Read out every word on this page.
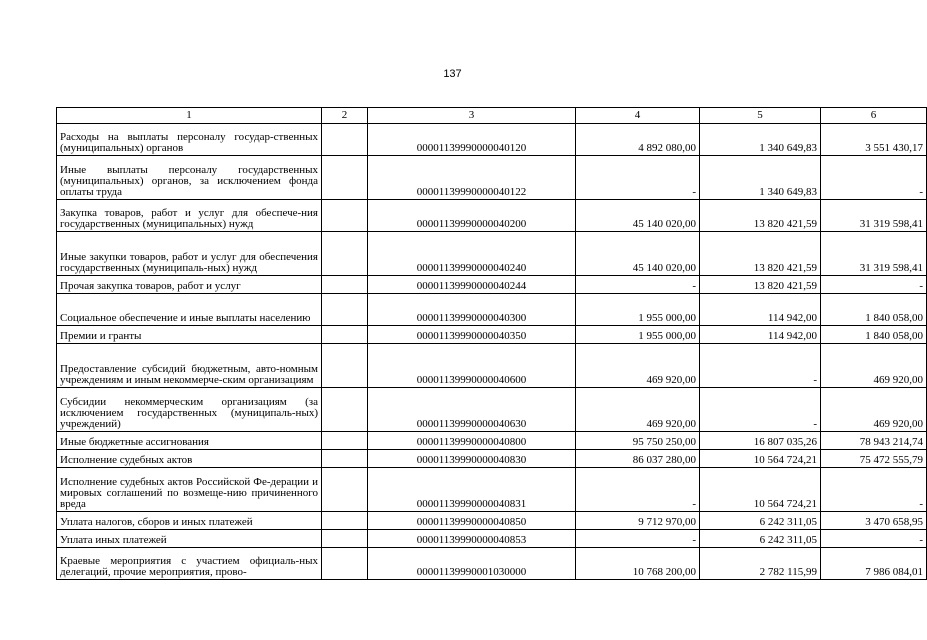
137
1	2	3	4	5	6
Расходы на выплаты персоналу государ-ственных (муниципальных) органов		00001139990000040120	4 892 080,00	1 340 649,83	3 551 430,17
Иные выплаты персоналу государственных (муниципальных) органов, за исключением фонда оплаты труда		00001139990000040122	-	1 340 649,83	-
Закупка товаров, работ и услуг для обеспече-ния государственных (муниципальных) нужд		00001139990000040200	45 140 020,00	13 820 421,59	31 319 598,41
Иные закупки товаров, работ и услуг для обеспечения государственных (муниципаль-ных) нужд		00001139990000040240	45 140 020,00	13 820 421,59	31 319 598,41
Прочая закупка товаров, работ и услуг		00001139990000040244	-	13 820 421,59	-
Социальное обеспечение и иные выплаты населению		00001139990000040300	1 955 000,00	114 942,00	1 840 058,00
Премии и гранты		00001139990000040350	1 955 000,00	114 942,00	1 840 058,00
Предоставление субсидий бюджетным, авто-номным учреждениям и иным некоммерче-ским организациям		00001139990000040600	469 920,00	-	469 920,00
Субсидии некоммерческим организациям (за исключением государственных (муниципаль-ных) учреждений)		00001139990000040630	469 920,00	-	469 920,00
Иные бюджетные ассигнования		00001139990000040800	95 750 250,00	16 807 035,26	78 943 214,74
Исполнение судебных актов		00001139990000040830	86 037 280,00	10 564 724,21	75 472 555,79
Исполнение судебных актов Российской Фе-дерации и мировых соглашений по возмеще-нию причиненного вреда		00001139990000040831	-	10 564 724,21	-
Уплата налогов, сборов и иных платежей		00001139990000040850	9 712 970,00	6 242 311,05	3 470 658,95
Уплата иных платежей		00001139990000040853	-	6 242 311,05	-
Краевые мероприятия с участием официаль-ных делегаций, прочие мероприятия, прово-		00001139990001030000	10 768 200,00	2 782 115,99	7 986 084,01
